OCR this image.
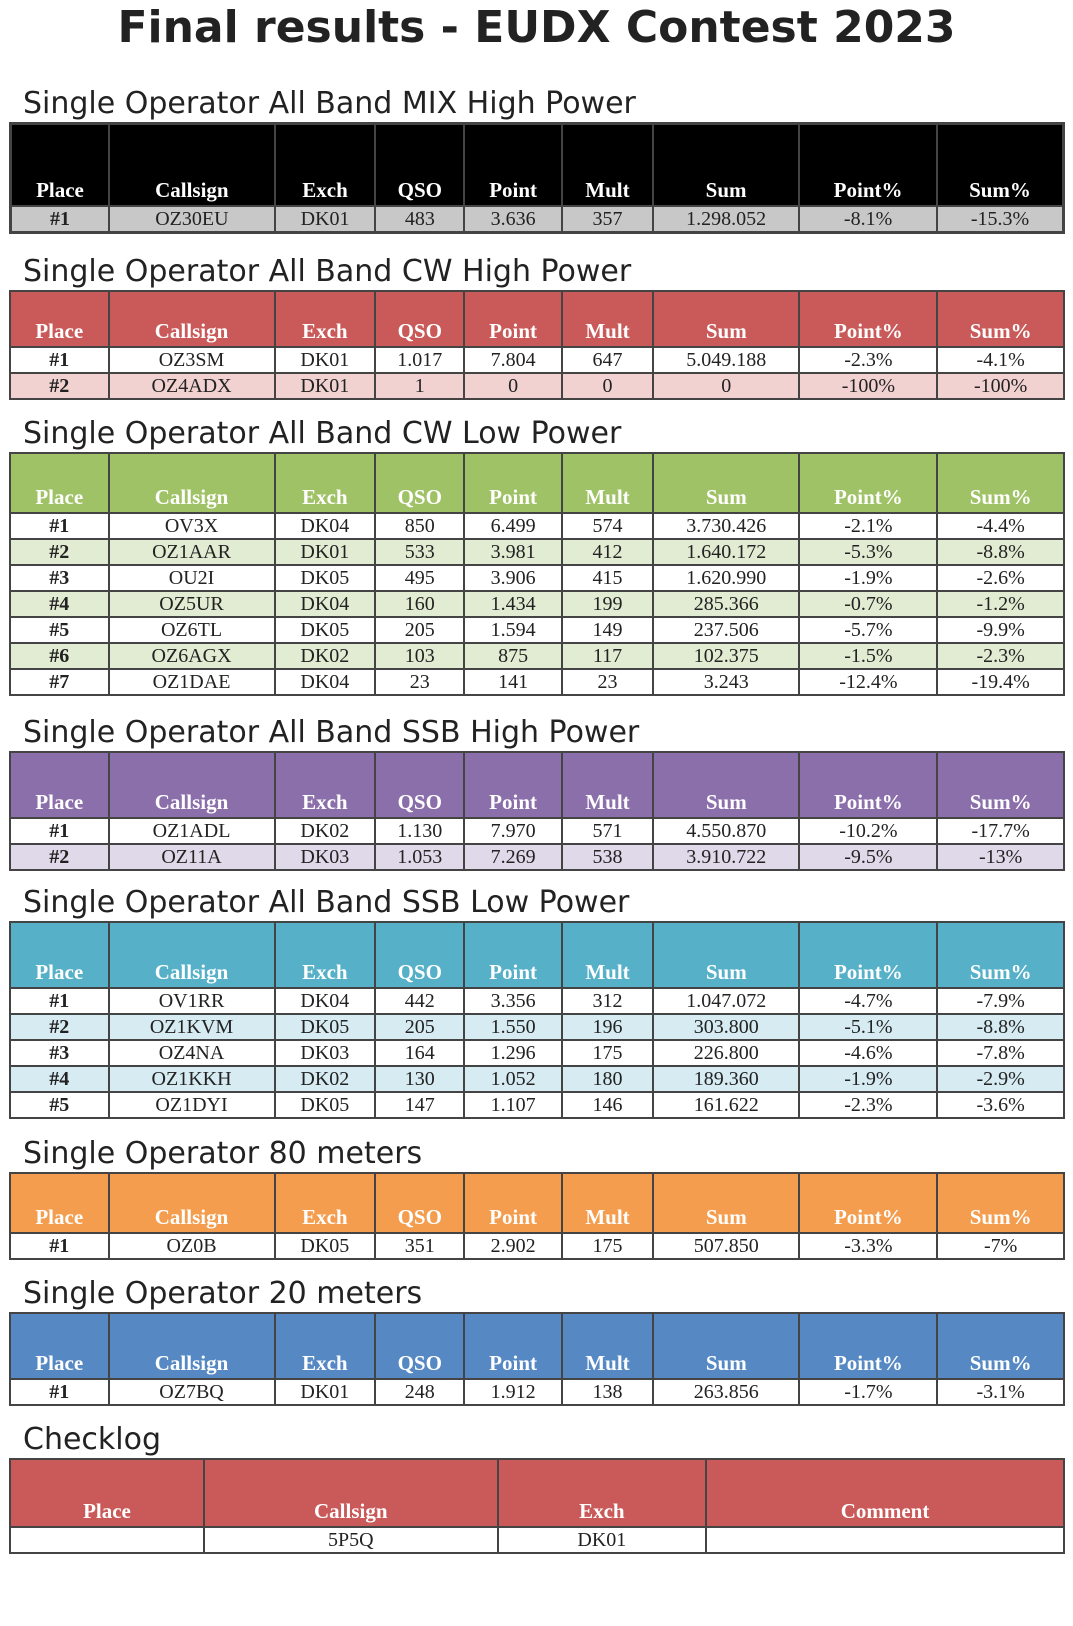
Final results - EUDX Contest 2023
Single Operator All Band MIX High Power
Place	Callsign	Exch	QSO	Point	Mult	Sum	Point%	Sum%
#1	OZ30EU	DK01	483	3.636	357	1.298.052	-8.1%	-15.3%
Single Operator All Band CW High Power
Place	Callsign	Exch	QSO	Point	Mult	Sum	Point%	Sum%
#1	OZ3SM	DK01	1.017	7.804	647	5.049.188	-2.3%	-4.1%
#2	OZ4ADX	DK01	1	0	0	0	-100%	-100%
Single Operator All Band CW Low Power
Place	Callsign	Exch	QSO	Point	Mult	Sum	Point%	Sum%
#1	OV3X	DK04	850	6.499	574	3.730.426	-2.1%	-4.4%
#2	OZ1AAR	DK01	533	3.981	412	1.640.172	-5.3%	-8.8%
#3	OU2I	DK05	495	3.906	415	1.620.990	-1.9%	-2.6%
#4	OZ5UR	DK04	160	1.434	199	285.366	-0.7%	-1.2%
#5	OZ6TL	DK05	205	1.594	149	237.506	-5.7%	-9.9%
#6	OZ6AGX	DK02	103	875	117	102.375	-1.5%	-2.3%
#7	OZ1DAE	DK04	23	141	23	3.243	-12.4%	-19.4%
Single Operator All Band SSB High Power
Place	Callsign	Exch	QSO	Point	Mult	Sum	Point%	Sum%
#1	OZ1ADL	DK02	1.130	7.970	571	4.550.870	-10.2%	-17.7%
#2	OZ11A	DK03	1.053	7.269	538	3.910.722	-9.5%	-13%
Single Operator All Band SSB Low Power
Place	Callsign	Exch	QSO	Point	Mult	Sum	Point%	Sum%
#1	OV1RR	DK04	442	3.356	312	1.047.072	-4.7%	-7.9%
#2	OZ1KVM	DK05	205	1.550	196	303.800	-5.1%	-8.8%
#3	OZ4NA	DK03	164	1.296	175	226.800	-4.6%	-7.8%
#4	OZ1KKH	DK02	130	1.052	180	189.360	-1.9%	-2.9%
#5	OZ1DYI	DK05	147	1.107	146	161.622	-2.3%	-3.6%
Single Operator 80 meters
Place	Callsign	Exch	QSO	Point	Mult	Sum	Point%	Sum%
#1	OZ0B	DK05	351	2.902	175	507.850	-3.3%	-7%
Single Operator 20 meters
Place	Callsign	Exch	QSO	Point	Mult	Sum	Point%	Sum%
#1	OZ7BQ	DK01	248	1.912	138	263.856	-1.7%	-3.1%
Checklog
Place	Callsign	Exch	Comment
	5P5Q	DK01	
